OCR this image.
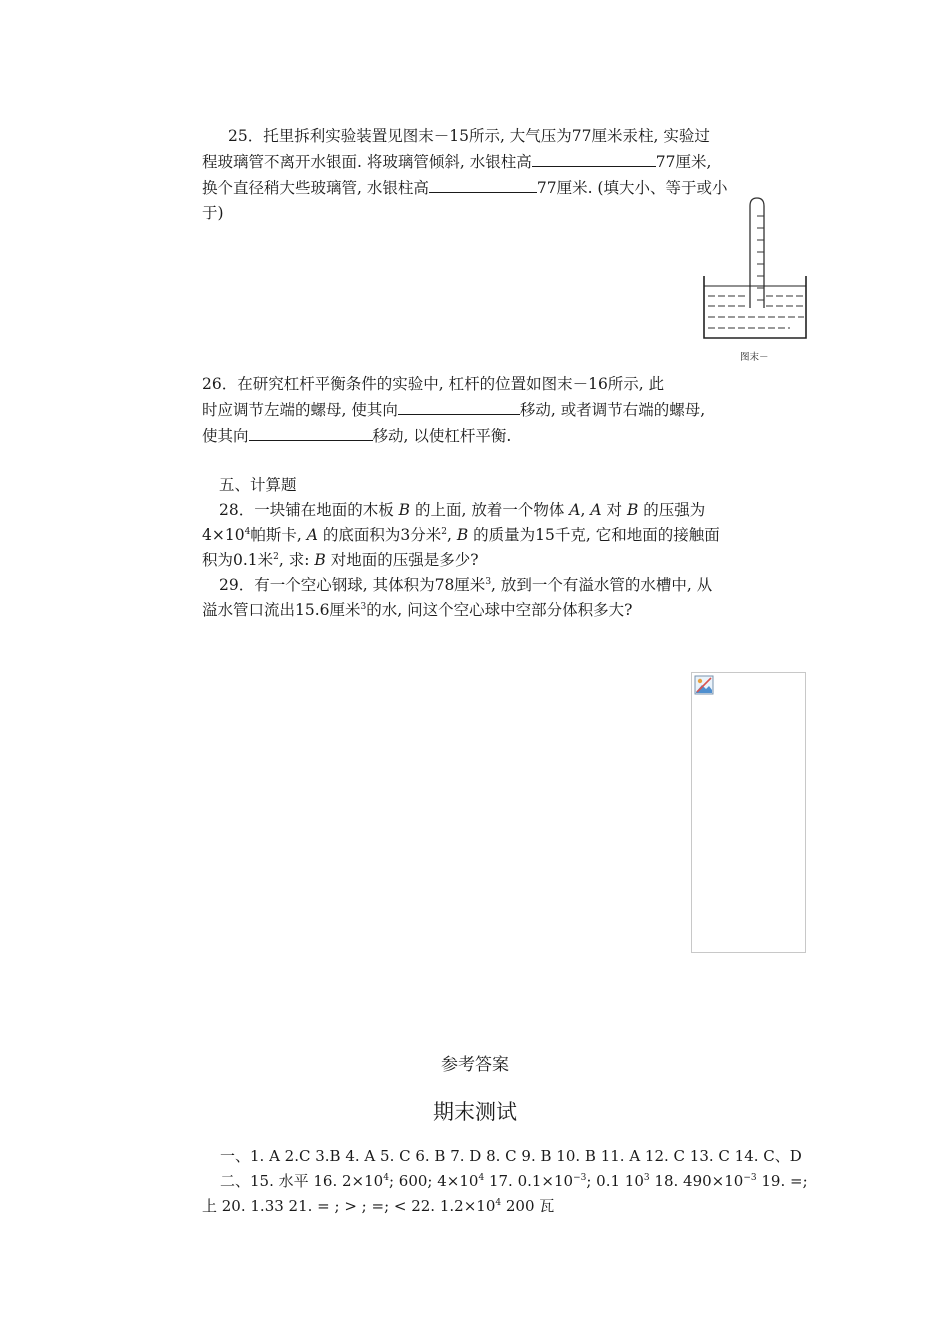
25．托里拆利实验装置见图末－15所示, 大气压为77厘米汞柱, 实验过
程玻璃管不离开水银面. 将玻璃管倾斜, 水银柱高	77厘米,
换个直径稍大些玻璃管, 水银柱高	77厘米. (填大小、等于或小
于)
图末－
26．在研究杠杆平衡条件的实验中, 杠杆的位置如图末－16所示, 此
时应调节左端的螺母, 使其向	移动, 或者调节右端的螺母,
使其向	移动, 以使杠杆平衡.
五、计算题
28．一块铺在地面的木板 B 的上面, 放着一个物体 A, A 对 B 的压强为
$4\times 10^4$帕斯卡, A 的底面积为3分米$^2$, B 的质量为15千克, 它和地面的接触面
积为0.1米$^2$, 求: B 对地面的压强是多少?
29．有一个空心钢球, 其体积为78厘米$^3$, 放到一个有溢水管的水槽中, 从
溢水管口流出15.6厘米$^3$的水, 问这个空心球中空部分体积多大?
参考答案
期末测试
一、1. A 2.C 3.B 4. A 5. C 6. B 7. D 8. C 9. B 10. B 11. A 12. C 13. C 14. C、D
二、15. 水平 16. $2\times 10^4$; 600; $4\times 10^4$ 17. $0.1\times 10^{-3}$; 0.1 $10^3$ 18. $490\times 10^{-3}$ 19. =;
上 20. 1.33 21. = ; > ; =; < 22. $1.2\times 10^4$ 200 瓦
